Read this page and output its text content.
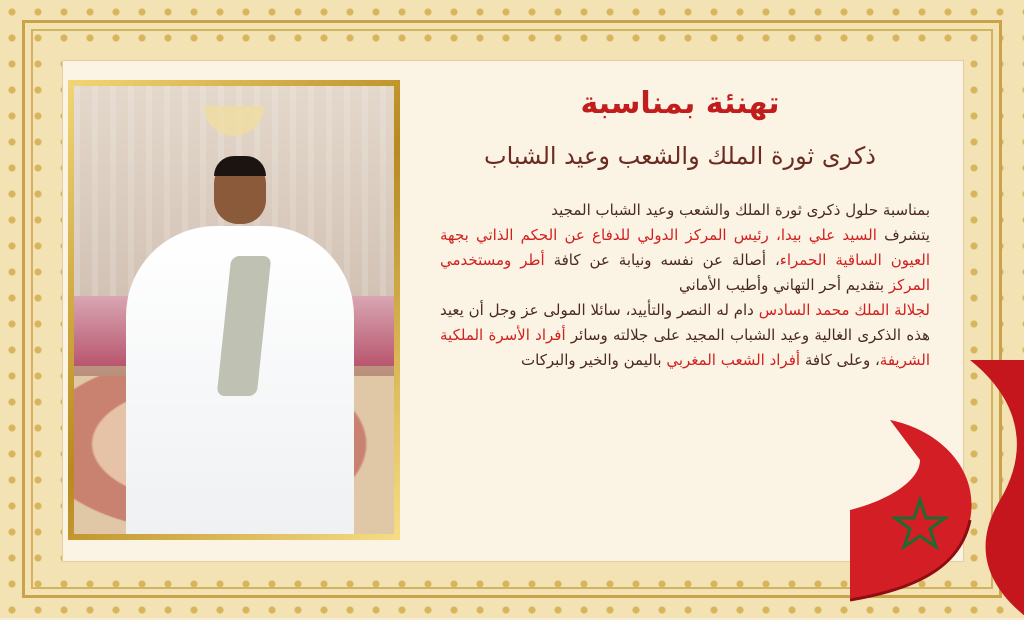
تهنئة بمناسبة
ذكرى ثورة الملك والشعب وعيد الشباب

بمناسبة حلول ذكرى ثورة الملك والشعب وعيد الشباب المجيد

يتشرف السيد علي بيدا، رئيس المركز الدولي للدفاع عن الحكم الذاتي بجهة العيون الساقية الحمراء، أصالة عن نفسه ونيابة عن كافة أطر ومستخدمي المركز بتقديم أحر التهاني وأطيب الأماني

لجلالة الملك محمد السادس دام له النصر والتأييد، سائلا المولى عز وجل أن يعيد هذه الذكرى الغالية وعيد الشباب المجيد على جلالته وسائر أفراد الأسرة الملكية الشريفة، وعلى كافة أفراد الشعب المغربي باليمن والخير والبركات
